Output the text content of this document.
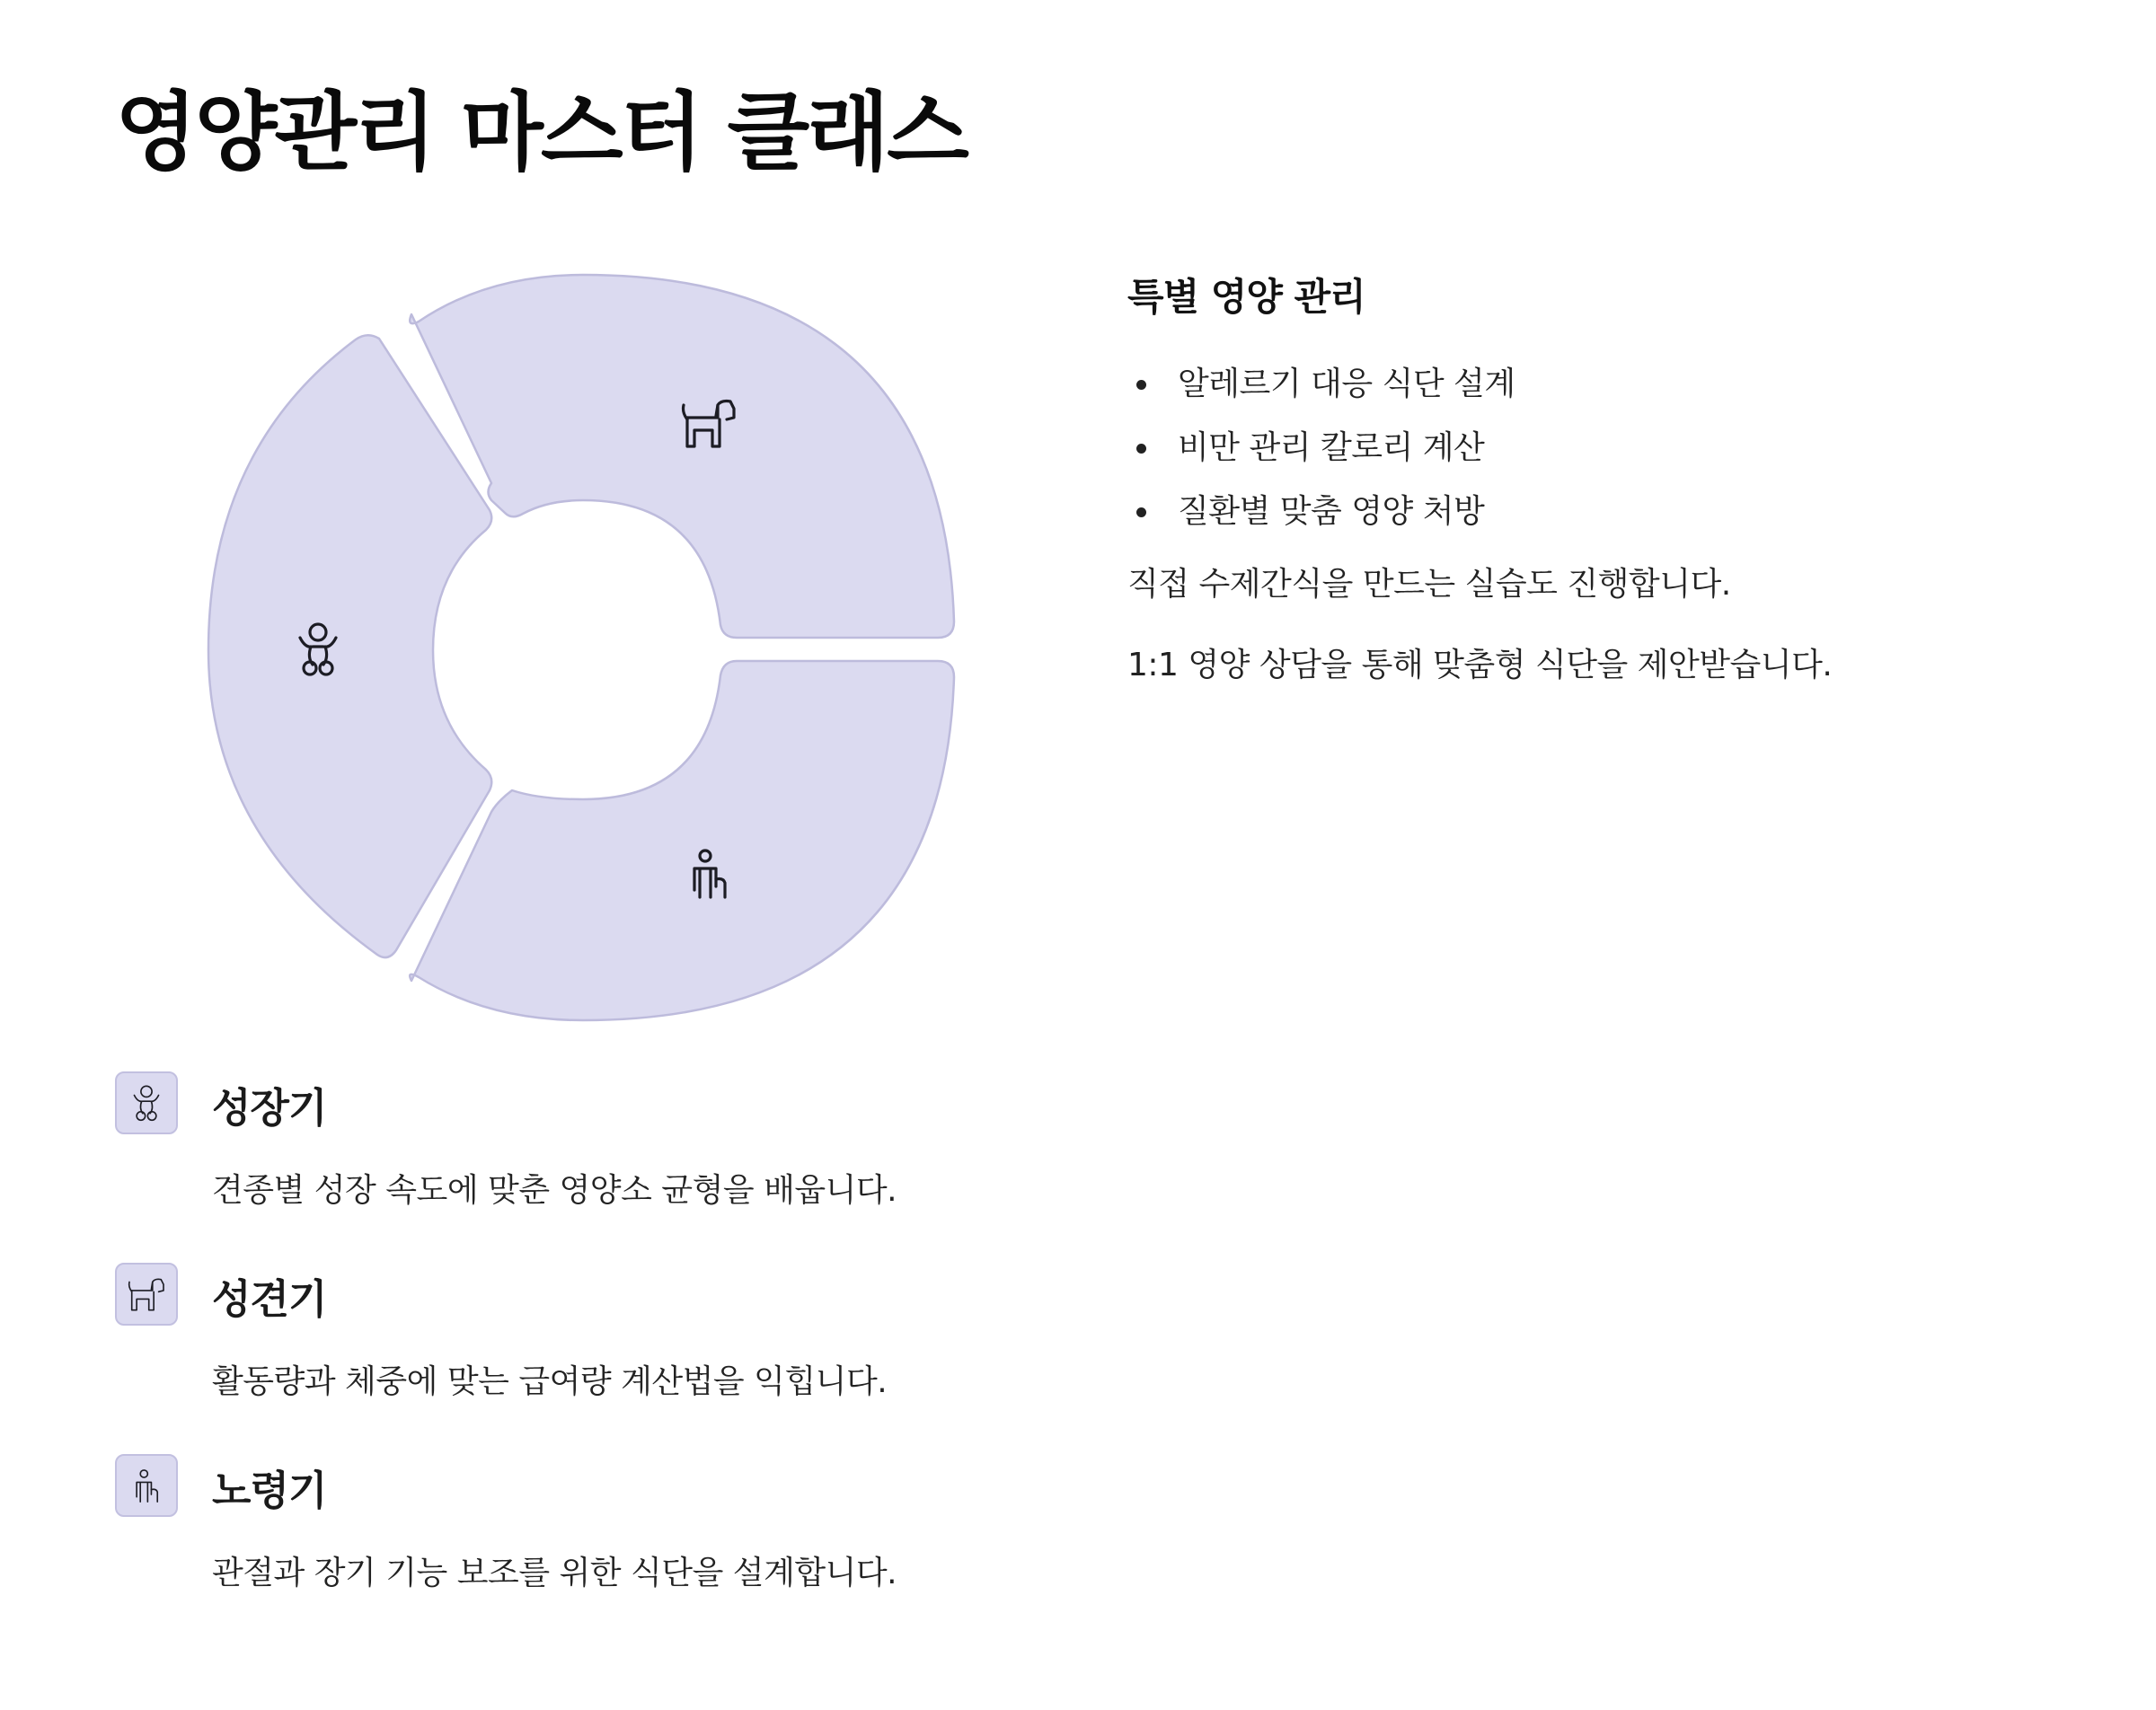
영양관리 마스터 클래스
특별 영양 관리
알레르기 대응 식단 설계
비만 관리 칼로리 계산
질환별 맞춤 영양 처방

직접 수제간식을 만드는 실습도 진행합니다.

1:1 영양 상담을 통해 맞춤형 식단을 제안받습니다.

성장기

견종별 성장 속도에 맞춘 영양소 균형을 배웁니다.

성견기

활동량과 체중에 맞는 급여량 계산법을 익힙니다.

노령기

관절과 장기 기능 보조를 위한 식단을 설계합니다.
